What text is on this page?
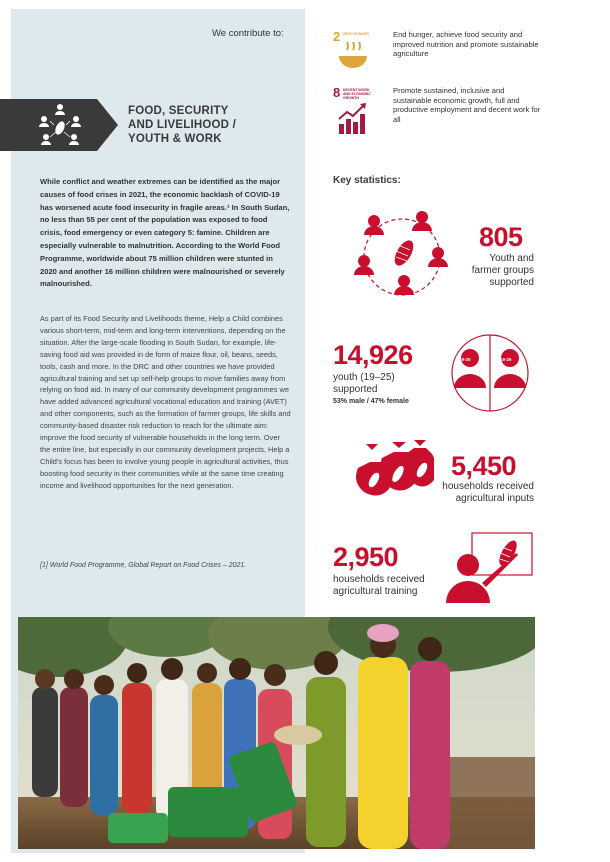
We contribute to:	2 ZERO HUNGER	End hunger, achieve food security and improved nutrition and promote sustainable agriculture
8 DECENT WORK AND ECONOMIC GROWTH
Promote sustained, inclusive and sustainable economic growth, full and productive employment and decent work for all
FOOD, SECURITY
AND LIVELIHOOD /
YOUTH & WORK
While conflict and weather extremes can be identified as the major causes of food crises in 2021, the economic backlash of COVID-19 has worsened acute food insecurity in fragile areas.¹ In South Sudan, no less than 55 per cent of the population was exposed to food crisis, food emergency or even category 5: famine. Children are especially vulnerable to malnutrition. According to the World Food Programme, worldwide about 75 million children were stunted in 2020 and another 16 million children were malnourished or severely malnourished.
As part of its Food Security and Livelihoods theme, Help a Child combines various short-term, mid-term and long-term interventions, depending on the situation. After the large-scale flooding in South Sudan, for example, life-saving food aid was provided in de form of maize flour, oil, beans, seeds, tools, cash and more. In the DRC and other countries we have provided agricultural training and set up self-help groups to move families away from relying on food aid. In many of our community development programmes we have added advanced agricultural vocational education and training (AVET) and other components, such as the formation of farmer groups, life skills and community-based disaster risk reduction to reach for the ultimate aim: improve the food security of vulnerable households in the long term. Over the entire line, but especially in our community development projects, Help a Child’s focus has been to involve young people in agricultural activities, thus boosting food security in their communities while at the same time creating income and livelihood opportunities for the next generation.
[1] World Food Programme, Global Report on Food Crises – 2021.
Key statistics:
805
Youth and
farmer groups
supported
14,926
youth (19–25)
supported
53% male / 47% female
19-25	19-25
5,450
households received
agricultural inputs
2,950
households received
agricultural training
